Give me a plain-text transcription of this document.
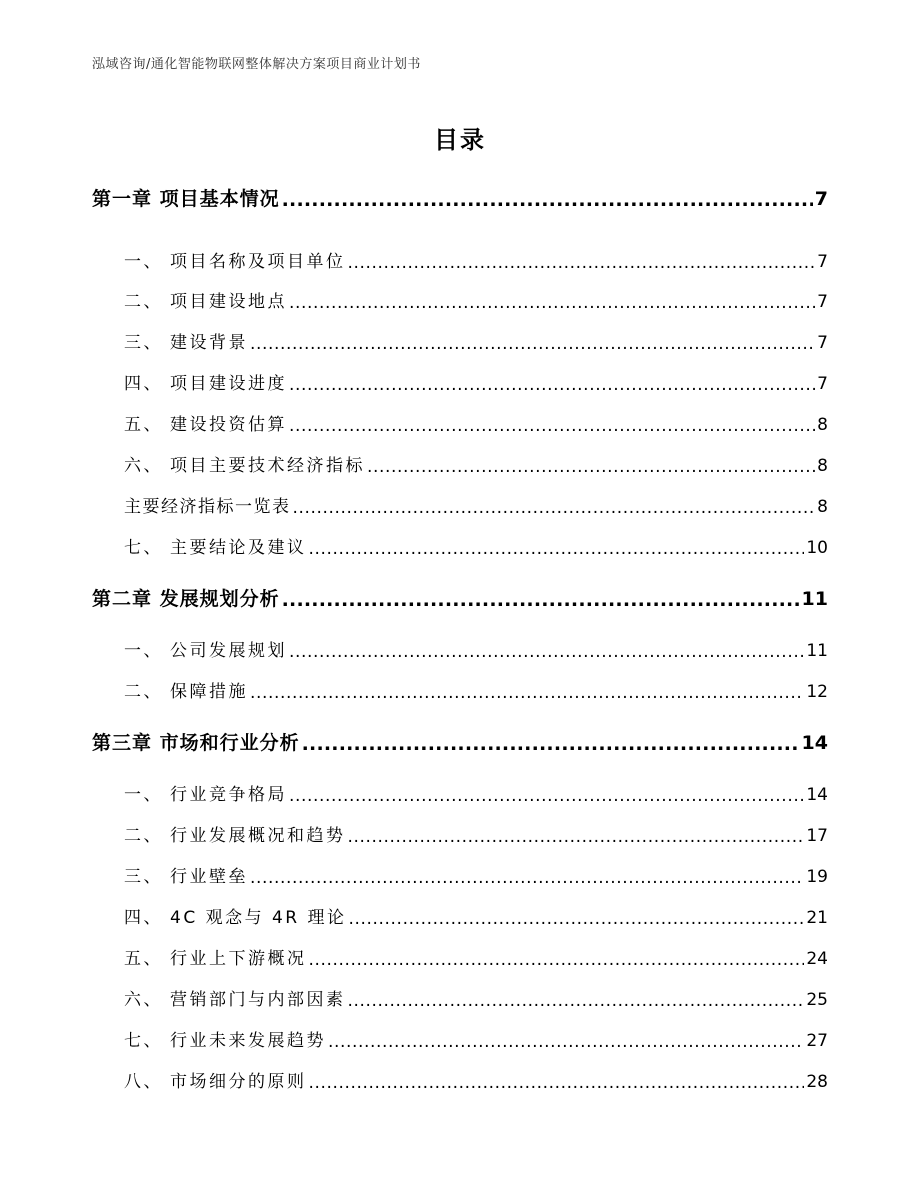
泓域咨询/通化智能物联网整体解决方案项目商业计划书
目录
第一章 项目基本情况 .....	7
一、 项目名称及项目单位 .....	7
二、 项目建设地点 .....	7
三、 建设背景 .....	7
四、 项目建设进度 .....	7
五、 建设投资估算 .....	8
六、 项目主要技术经济指标 .....	8
主要经济指标一览表 .....	8
七、 主要结论及建议 .....	10
第二章 发展规划分析 .....	11
一、 公司发展规划 .....	11
二、 保障措施 .....	12
第三章 市场和行业分析 .....	14
一、 行业竞争格局 .....	14
二、 行业发展概况和趋势 .....	17
三、 行业壁垒 .....	19
四、 4C 观念与 4R 理论 .....	21
五、 行业上下游概况 .....	24
六、 营销部门与内部因素 .....	25
七、 行业未来发展趋势 .....	27
八、 市场细分的原则 .....	28
